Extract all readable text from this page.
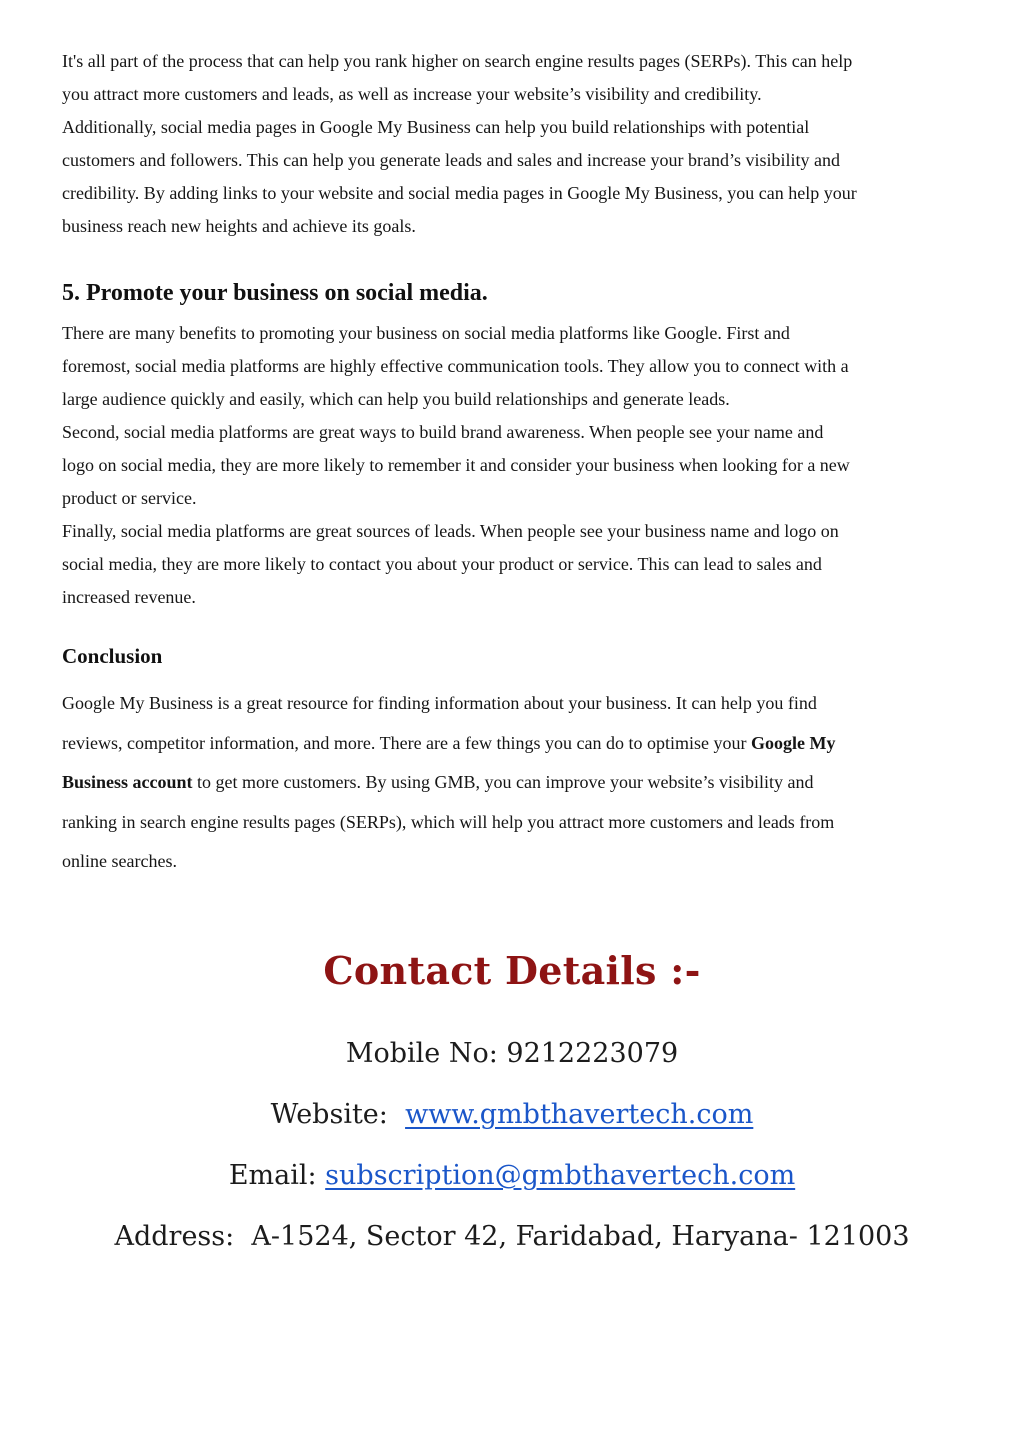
It's all part of the process that can help you rank higher on search engine results pages (SERPs). This can help
you attract more customers and leads, as well as increase your website’s visibility and credibility.
Additionally, social media pages in Google My Business can help you build relationships with potential
customers and followers. This can help you generate leads and sales and increase your brand’s visibility and
credibility. By adding links to your website and social media pages in Google My Business, you can help your
business reach new heights and achieve its goals.

5. Promote your business on social media.

There are many benefits to promoting your business on social media platforms like Google. First and
foremost, social media platforms are highly effective communication tools. They allow you to connect with a
large audience quickly and easily, which can help you build relationships and generate leads.
Second, social media platforms are great ways to build brand awareness. When people see your name and
logo on social media, they are more likely to remember it and consider your business when looking for a new
product or service.
Finally, social media platforms are great sources of leads. When people see your business name and logo on
social media, they are more likely to contact you about your product or service. This can lead to sales and
increased revenue.

Conclusion

Google My Business is a great resource for finding information about your business. It can help you find
reviews, competitor information, and more. There are a few things you can do to optimise your Google My
Business account to get more customers. By using GMB, you can improve your website’s visibility and
ranking in search engine results pages (SERPs), which will help you attract more customers and leads from
online searches.

Contact Details :-

Mobile No: 9212223079

Website:  www.gmbthavertech.com

Email: subscription@gmbthavertech.com

Address:  A-1524, Sector 42, Faridabad, Haryana- 121003
